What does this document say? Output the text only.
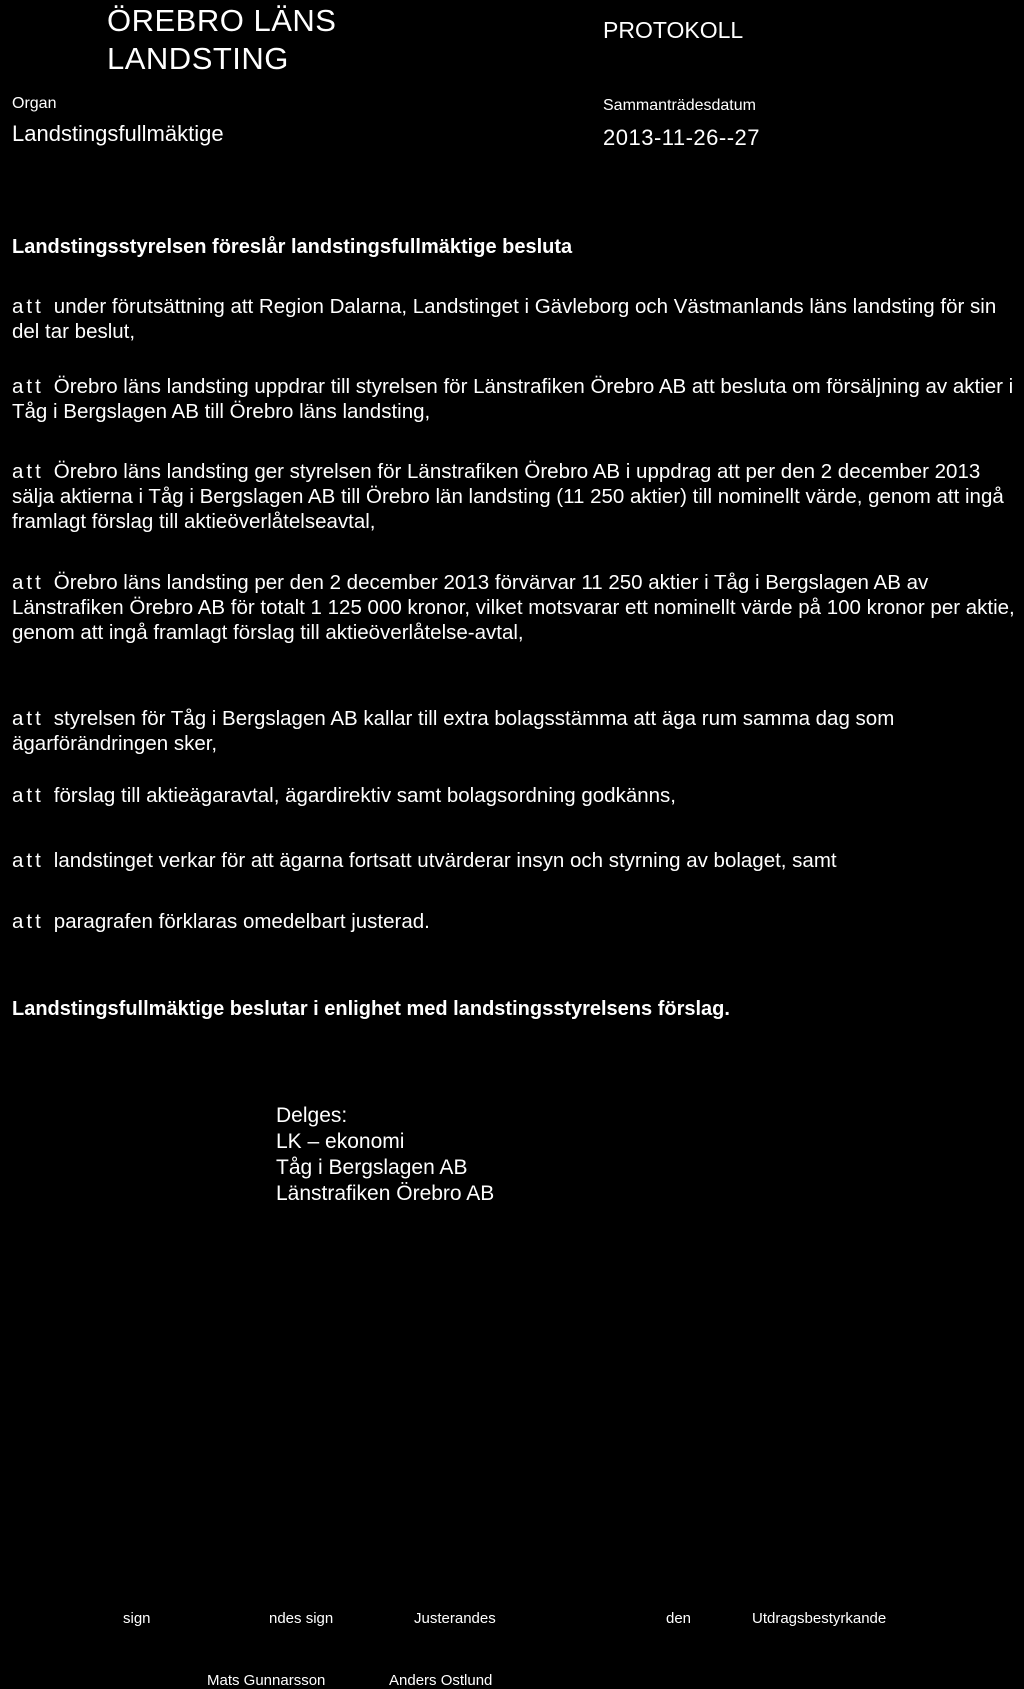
ÖREBRO LÄNS
LANDSTING
PROTOKOLL
Organ
Landstingsfullmäktige
Sammanträdesdatum
2013-11-26--27
Landstingsstyrelsen föreslår landstingsfullmäktige besluta
att under förutsättning att Region Dalarna, Landstinget i Gävleborg och Västmanlands läns landsting för sin del tar beslut,
att Örebro läns landsting uppdrar till styrelsen för Länstrafiken Örebro AB att besluta om försäljning av aktier i Tåg i Bergslagen AB till Örebro läns landsting,
att Örebro läns landsting ger styrelsen för Länstrafiken Örebro AB i uppdrag att per den 2 december 2013 sälja aktierna i Tåg i Bergslagen AB till Örebro län landsting (11 250 aktier) till nominellt värde, genom att ingå framlagt förslag till aktieöverlåtelseavtal,
att Örebro läns landsting per den 2 december 2013 förvärvar 11 250 aktier i Tåg i Bergslagen AB av Länstrafiken Örebro AB för totalt 1 125 000 kronor, vilket motsvarar ett nominellt värde på 100 kronor per aktie, genom att ingå framlagt förslag till aktieöverlåtelse-avtal,
att styrelsen för Tåg i Bergslagen AB kallar till extra bolagsstämma att äga rum samma dag som ägarförändringen sker,
att förslag till aktieägaravtal, ägardirektiv samt bolagsordning godkänns,
att landstinget verkar för att ägarna fortsatt utvärderar insyn och styrning av bolaget, samt
att paragrafen förklaras omedelbart justerad.
Landstingsfullmäktige beslutar i enlighet med landstingsstyrelsens förslag.
Delges:
LK – ekonomi
Tåg i Bergslagen AB
Länstrafiken Örebro AB
sign	ndes sign	Justerandes	den	Utdragsbestyrkande
Mats Gunnarsson	Anders Ostlund
